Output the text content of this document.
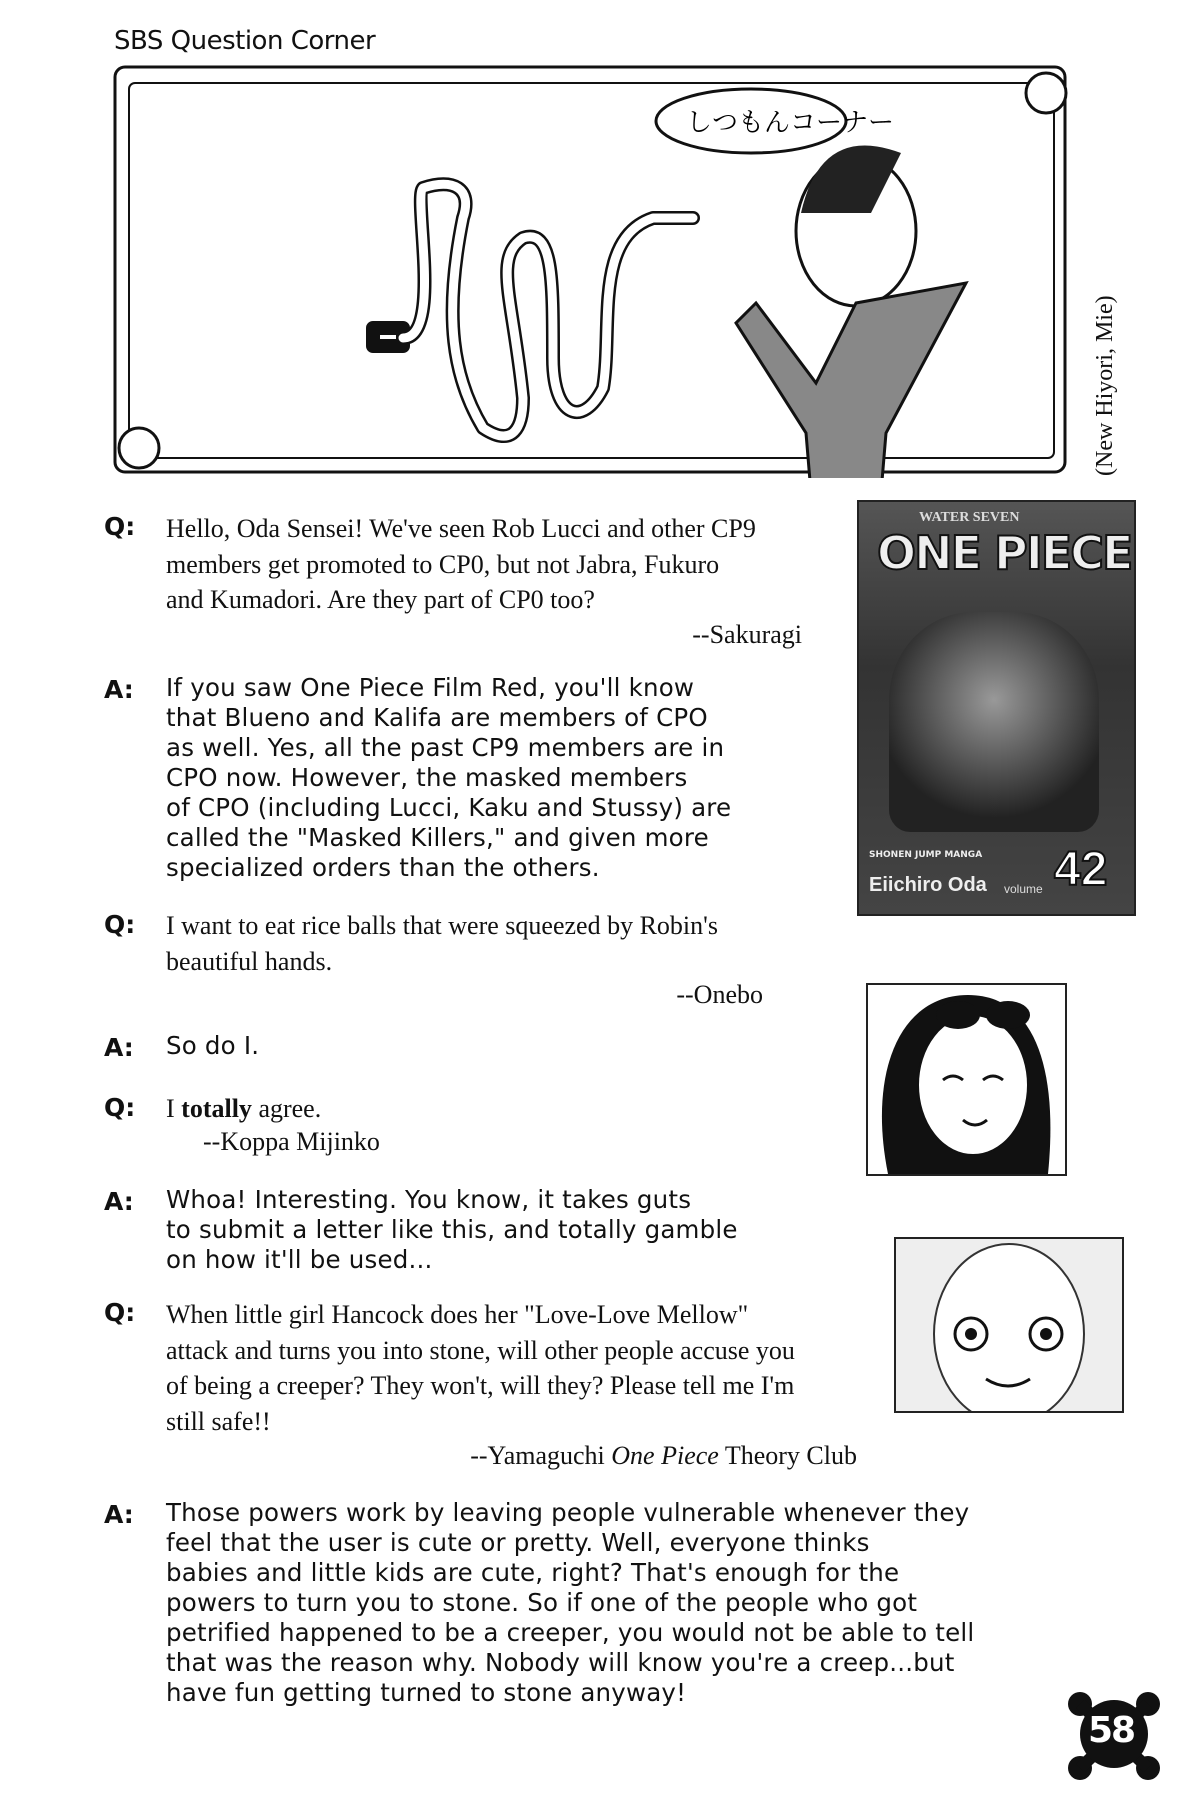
SBS Question Corner
しつもんコーナー
(New Hiyori, Mie)
Q: Hello, Oda Sensei! We've seen Rob Lucci and other CP9
members get promoted to CP0, but not Jabra, Fukuro
and Kumadori. Are they part of CP0 too?
--Sakuragi
A: If you saw One Piece Film Red, you'll know
that Blueno and Kalifa are members of CPO
as well. Yes, all the past CP9 members are in
CPO now. However, the masked members
of CPO (including Lucci, Kaku and Stussy) are
called the "Masked Killers," and given more
specialized orders than the others.
Q: I want to eat rice balls that were squeezed by Robin's
beautiful hands.
--Onebo
A: So do I.
Q: I totally agree.
--Koppa Mijinko
A: Whoa! Interesting. You know, it takes guts
to submit a letter like this, and totally gamble
on how it'll be used...
Q: When little girl Hancock does her "Love-Love Mellow"
attack and turns you into stone, will other people accuse you
of being a creeper? They won't, will they? Please tell me I'm
still safe!!
--Yamaguchi One Piece Theory Club
A: Those powers work by leaving people vulnerable whenever they
feel that the user is cute or pretty. Well, everyone thinks
babies and little kids are cute, right? That's enough for the
powers to turn you to stone. So if one of the people who got
petrified happened to be a creeper, you would not be able to tell
that was the reason why. Nobody will know you're a creep...but
have fun getting turned to stone anyway!
WATER SEVEN
ONE PIECE
SHONEN JUMP MANGA
Eiichiro Oda volume 42
58
